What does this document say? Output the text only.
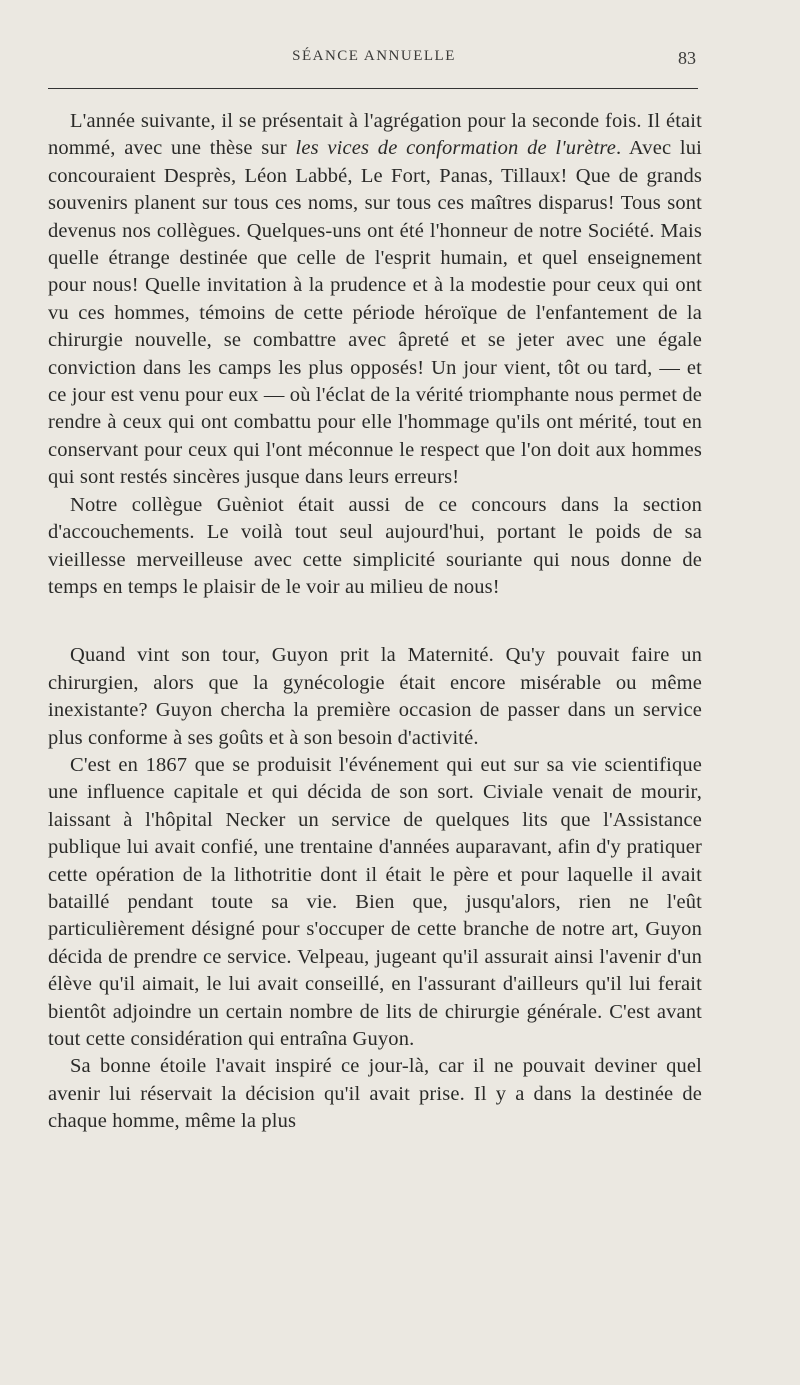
SÉANCE ANNUELLE	83

L'année suivante, il se présentait à l'agrégation pour la seconde fois. Il était nommé, avec une thèse sur les vices de conformation de l'urètre. Avec lui concouraient Desprès, Léon Labbé, Le Fort, Panas, Tillaux! Que de grands souvenirs planent sur tous ces noms, sur tous ces maîtres disparus! Tous sont devenus nos collègues. Quelques-uns ont été l'honneur de notre Société. Mais quelle étrange destinée que celle de l'esprit humain, et quel enseignement pour nous! Quelle invitation à la prudence et à la modestie pour ceux qui ont vu ces hommes, témoins de cette période héroïque de l'enfantement de la chirurgie nouvelle, se combattre avec âpreté et se jeter avec une égale conviction dans les camps les plus opposés! Un jour vient, tôt ou tard, — et ce jour est venu pour eux — où l'éclat de la vérité triomphante nous permet de rendre à ceux qui ont combattu pour elle l'hommage qu'ils ont mérité, tout en conservant pour ceux qui l'ont méconnue le respect que l'on doit aux hommes qui sont restés sincères jusque dans leurs erreurs!

Notre collègue Guèniot était aussi de ce concours dans la section d'accouchements. Le voilà tout seul aujourd'hui, portant le poids de sa vieillesse merveilleuse avec cette simplicité souriante qui nous donne de temps en temps le plaisir de le voir au milieu de nous!

Quand vint son tour, Guyon prit la Maternité. Qu'y pouvait faire un chirurgien, alors que la gynécologie était encore misérable ou même inexistante? Guyon chercha la première occasion de passer dans un service plus conforme à ses goûts et à son besoin d'activité.

C'est en 1867 que se produisit l'événement qui eut sur sa vie scientifique une influence capitale et qui décida de son sort. Civiale venait de mourir, laissant à l'hôpital Necker un service de quelques lits que l'Assistance publique lui avait confié, une trentaine d'années auparavant, afin d'y pratiquer cette opération de la lithotritie dont il était le père et pour laquelle il avait bataillé pendant toute sa vie. Bien que, jusqu'alors, rien ne l'eût particulièrement désigné pour s'occuper de cette branche de notre art, Guyon décida de prendre ce service. Velpeau, jugeant qu'il assurait ainsi l'avenir d'un élève qu'il aimait, le lui avait conseillé, en l'assurant d'ailleurs qu'il lui ferait bientôt adjoindre un certain nombre de lits de chirurgie générale. C'est avant tout cette considération qui entraîna Guyon.

Sa bonne étoile l'avait inspiré ce jour-là, car il ne pouvait deviner quel avenir lui réservait la décision qu'il avait prise. Il y a dans la destinée de chaque homme, même la plus
